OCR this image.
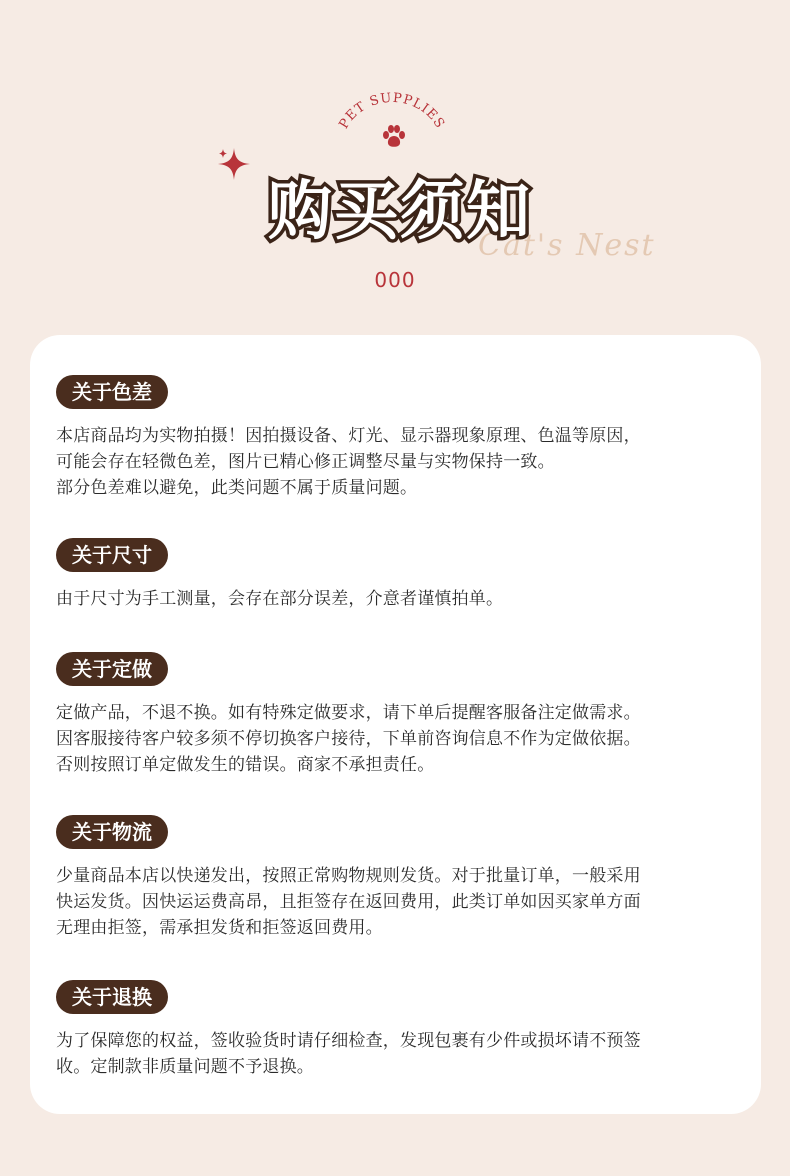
PET SUPPLIES
Cat's Nest
购买须知
000
关于色差

本店商品均为实物拍摄！因拍摄设备、灯光、显示器现象原理、色温等原因，

可能会存在轻微色差，图片已精心修正调整尽量与实物保持一致。

部分色差难以避免，此类问题不属于质量问题。

关于尺寸

由于尺寸为手工测量，会存在部分误差，介意者谨慎拍单。

关于定做

定做产品，不退不换。如有特殊定做要求，请下单后提醒客服备注定做需求。

因客服接待客户较多须不停切换客户接待，下单前咨询信息不作为定做依据。

否则按照订单定做发生的错误。商家不承担责任。

关于物流

少量商品本店以快递发出，按照正常购物规则发货。对于批量订单，一般采用

快运发货。因快运运费高昂，且拒签存在返回费用，此类订单如因买家单方面

无理由拒签，需承担发货和拒签返回费用。

关于退换

为了保障您的权益，签收验货时请仔细检查，发现包裹有少件或损坏请不预签

收。定制款非质量问题不予退换。
